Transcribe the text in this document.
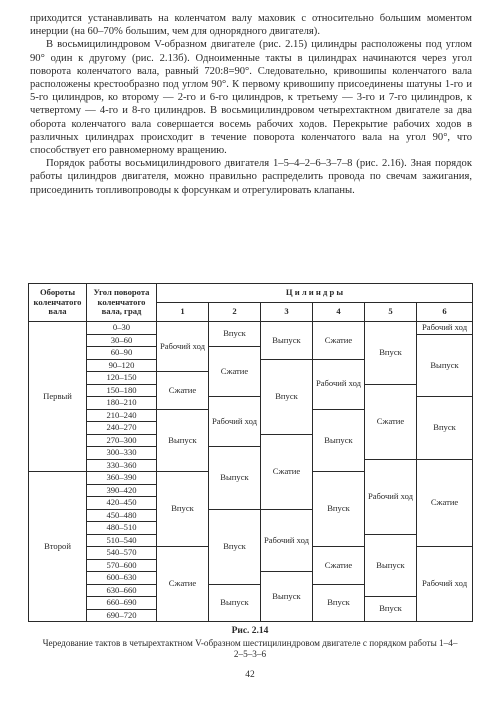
приходится устанавливать на коленчатом валу маховик с относительно большим моментом инерции (на 60–70% большим, чем для однорядного двигателя).

В восьмицилиндровом V-образном двигателе (рис. 2.15) цилиндры расположены под углом 90° один к другому (рис. 2.13б). Одноименные такты в цилиндрах начинаются через угол поворота коленчатого вала, равный 720:8=90°. Следовательно, кривошипы коленчатого вала расположены крестообразно под углом 90°. К первому кривошипу присоединены шатуны 1-го и 5-го цилиндров, ко второму — 2-го и 6-го цилиндров, к третьему — 3-го и 7-го цилиндров, к четвертому — 4-го и 8-го цилиндров. В восьмицилиндровом четырехтактном двигателе за два оборота коленчатого вала совершается восемь рабочих ходов. Перекрытие рабочих ходов в различных цилиндрах происходит в течение поворота коленчатого вала на угол 90°, что способствует его равномерному вращению.

Порядок работы восьмицилиндрового двигателя 1–5–4–2–6–3–7–8 (рис. 2.16). Зная порядок работы цилиндров двигателя, можно правильно распределить провода по свечам зажигания, присоединить топливопроводы к форсункам и отрегулировать клапаны.

Обороты коленчатого вала	Угол поворота коленчатого вала, град	Ц и л и н д р ы					
		1	2	3	4	5	6
Первый	0–30	Рабочий ход	Впуск	Выпуск	Сжатие	Впуск	Рабочий ход
	30–60						Выпуск
	60–90		Сжатие				
	90–120			Впуск	Рабочий ход		
	120–150	Сжатие					
	150–180					Сжатие	
	180–210		Рабочий ход				Впуск
	210–240	Выпуск			Выпуск		
	240–270						
	270–300			Сжатие			
	300–330		Выпуск				
	330–360					Рабочий ход	Сжатие
Второй	360–390	Впуск			Впуск		
	390–420						
	420–450						
	450–480		Впуск	Рабочий ход			
	480–510						
	510–540					Выпуск	
	540–570	Сжатие			Сжатие		Рабочий ход
	570–600						
	600–630			Выпуск			
	630–660		Выпуск		Впуск		
	660–690					Впуск	
	690–720						
Рис. 2.14
Чередование тактов в четырехтактном V-образном шестицилиндровом двигателе с порядком работы 1–4–2–5–3–6
42
